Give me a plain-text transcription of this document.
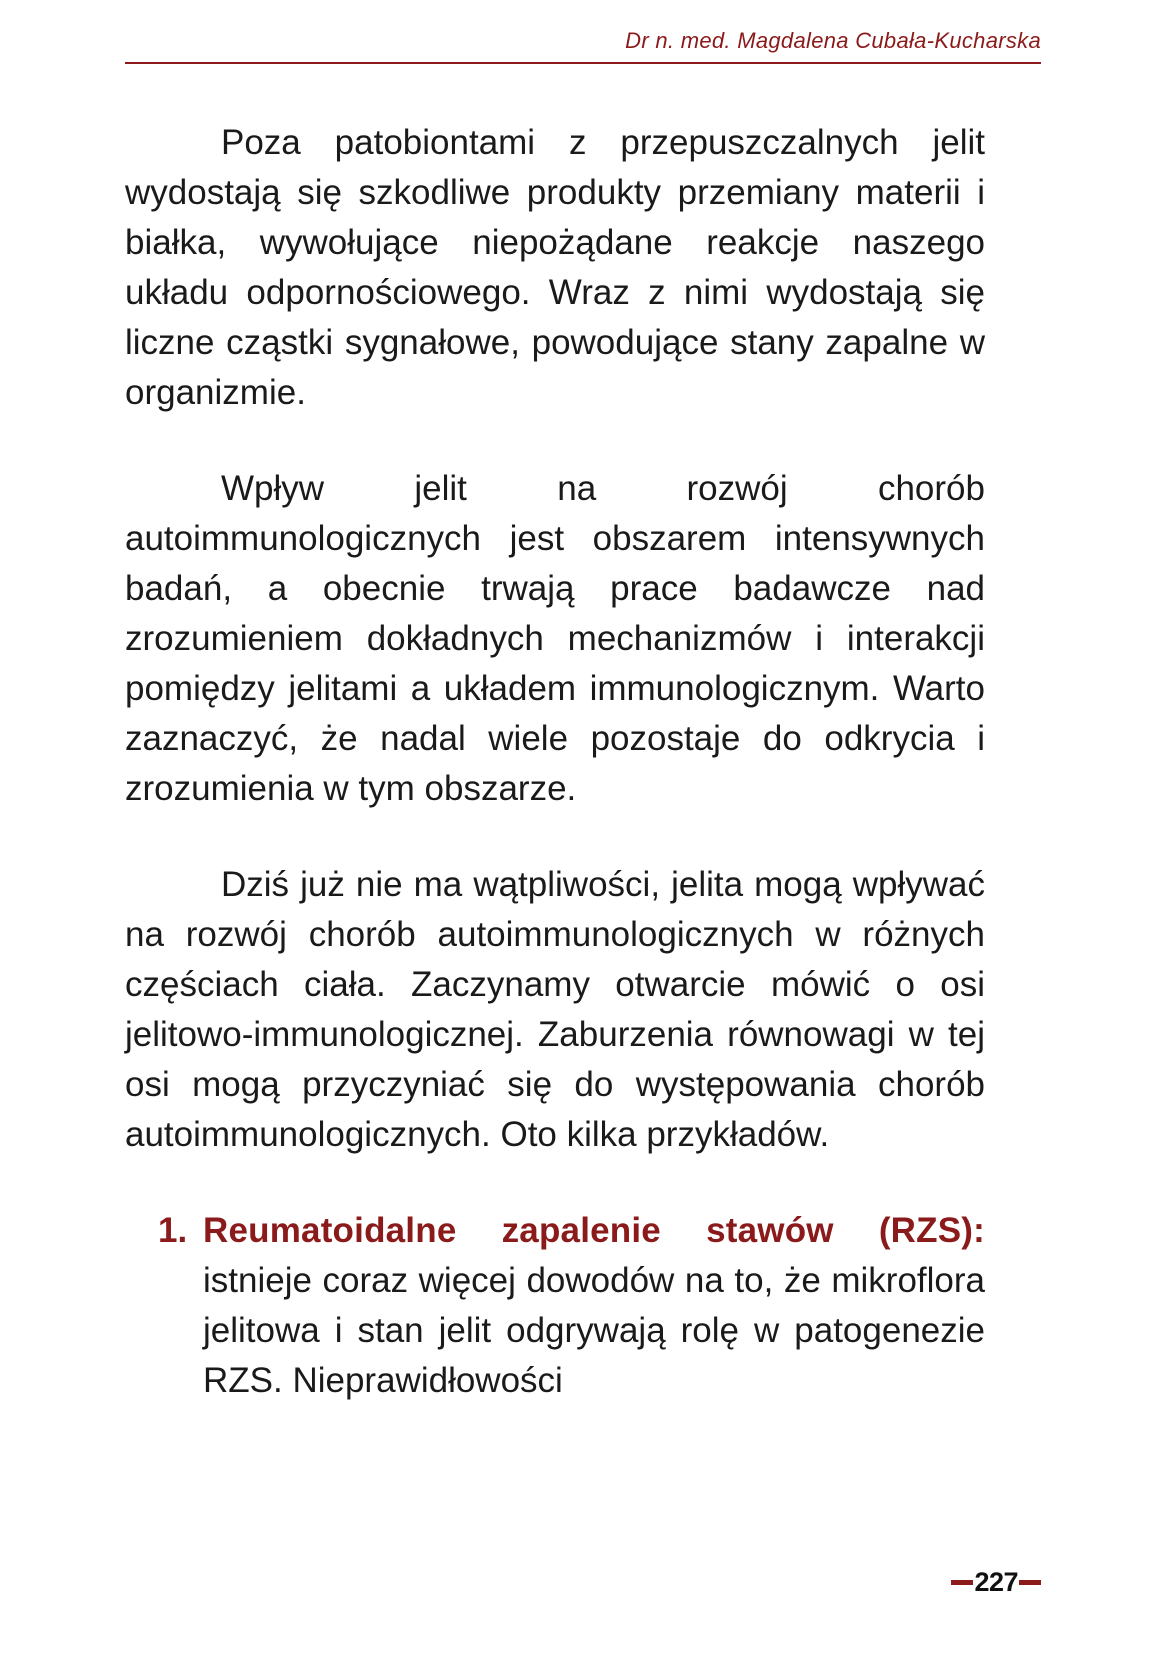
Dr n. med. Magdalena Cubała-Kucharska

Poza patobiontami z przepuszczalnych jelit wydostają się szkodliwe produkty przemiany materii i białka, wywołujące niepożądane reakcje naszego układu odpornościowego. Wraz z nimi wydostają się liczne cząstki sygnałowe, powodujące stany zapalne w organizmie.

Wpływ jelit na rozwój chorób autoimmunologicznych jest obszarem intensywnych badań, a obecnie trwają prace badawcze nad zrozumieniem dokładnych mechanizmów i interakcji pomiędzy jelitami a układem immunologicznym. Warto zaznaczyć, że nadal wiele pozostaje do odkrycia i zrozumienia w tym obszarze.

Dziś już nie ma wątpliwości, jelita mogą wpływać na rozwój chorób autoimmunologicznych w różnych częściach ciała. Zaczynamy otwarcie mówić o osi jelitowo-immunologicznej. Zaburzenia równowagi w tej osi mogą przyczyniać się do występowania chorób autoimmunologicznych. Oto kilka przykładów.

1. Reumatoidalne zapalenie stawów (RZS): istnieje coraz więcej dowodów na to, że mikroflora jelitowa i stan jelit odgrywają rolę w patogenezie RZS. Nieprawidłowości
227
